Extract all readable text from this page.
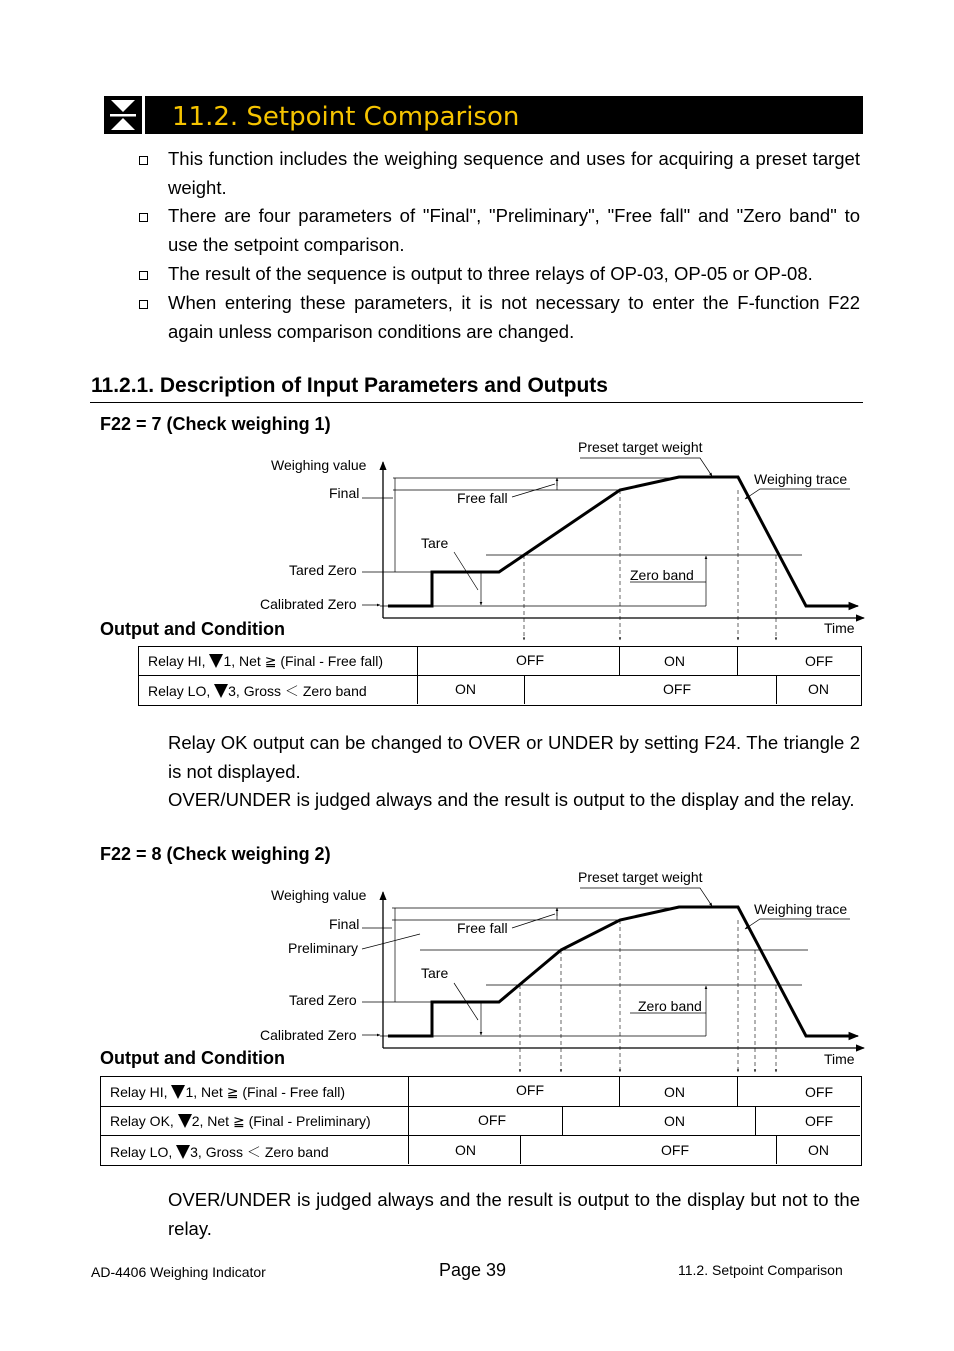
11.2. Setpoint Comparison
This function includes the weighing sequence and uses for acquiring a preset target weight.
There are four parameters of "Final", "Preliminary", "Free fall" and "Zero band" to use the setpoint comparison.
The result of the sequence is output to three relays of OP-03, OP-05 or OP-08.
When entering these parameters, it is not necessary to enter the F-function F22 again unless comparison conditions are changed.
11.2.1. Description of Input Parameters and Outputs
F22 = 7 (Check weighing 1)
Preset target weight
Weighing value
Weighing trace
Final	Free fall
Tare
Tared Zero	Zero band
Calibrated Zero
Time
Output and Condition
Relay HI, 1, Net ≧ (Final - Free fall)	OFF	ON	OFF
Relay LO, 3, Gross ＜ Zero band	ON	OFF	ON
Relay OK output can be changed to OVER or UNDER by setting F24. The triangle 2 is not displayed.
OVER/UNDER is judged always and the result is output to the display and the relay.
F22 = 8 (Check weighing 2)
Preset target weight
Weighing value
Weighing trace
Final	Free fall
Preliminary
Tare
Tared Zero	Zero band
Calibrated Zero
Time
Output and Condition
Relay HI, 1, Net ≧ (Final - Free fall)	OFF	ON	OFF
Relay OK, 2, Net ≧ (Final - Preliminary)	OFF	ON	OFF
Relay LO, 3, Gross ＜ Zero band	ON	OFF	ON
OVER/UNDER is judged always and the result is output to the display but not to the relay.
AD-4406 Weighing Indicator	Page 39	11.2. Setpoint Comparison
